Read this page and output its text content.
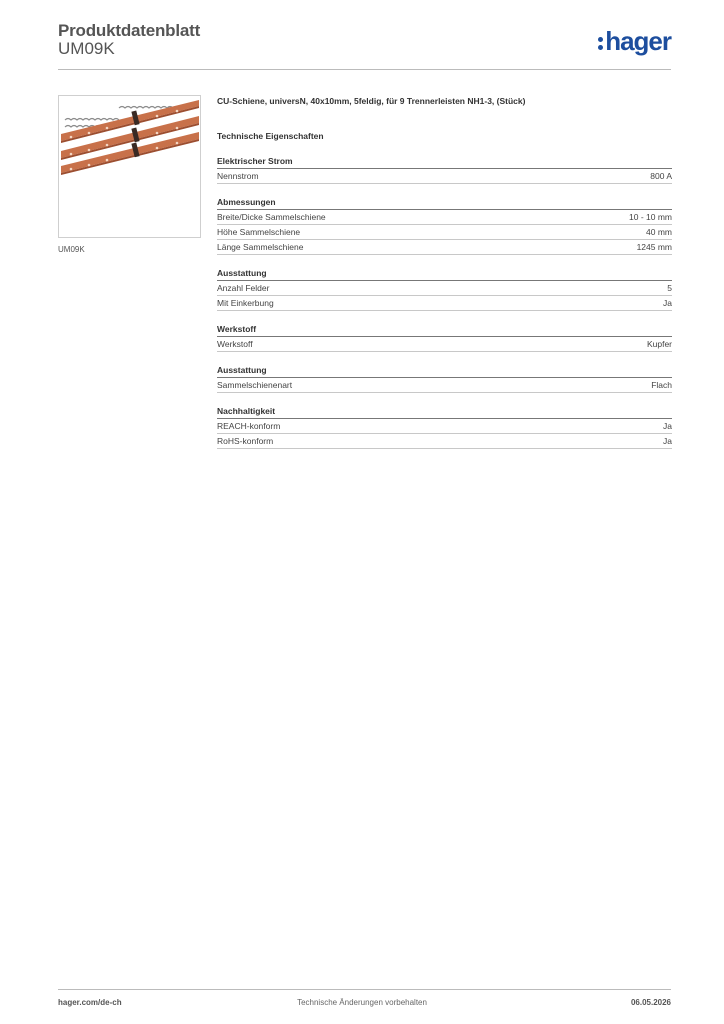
Produktdatenblatt
UM09K	hager
UM09K
CU-Schiene, universN, 40x10mm, 5feldig, für 9 Trennerleisten NH1-3, (Stück)
Technische Eigenschaften
Elektrischer Strom
Nennstrom	800 A
Abmessungen
Breite/Dicke Sammelschiene	10 - 10 mm
Höhe Sammelschiene	40 mm
Länge Sammelschiene	1245 mm
Ausstattung
Anzahl Felder	5
Mit Einkerbung	Ja
Werkstoff
Werkstoff	Kupfer
Ausstattung
Sammelschienenart	Flach
Nachhaltigkeit
REACH-konform	Ja
RoHS-konform	Ja
hager.com/de-ch	Technische Änderungen vorbehalten	06.05.2026
